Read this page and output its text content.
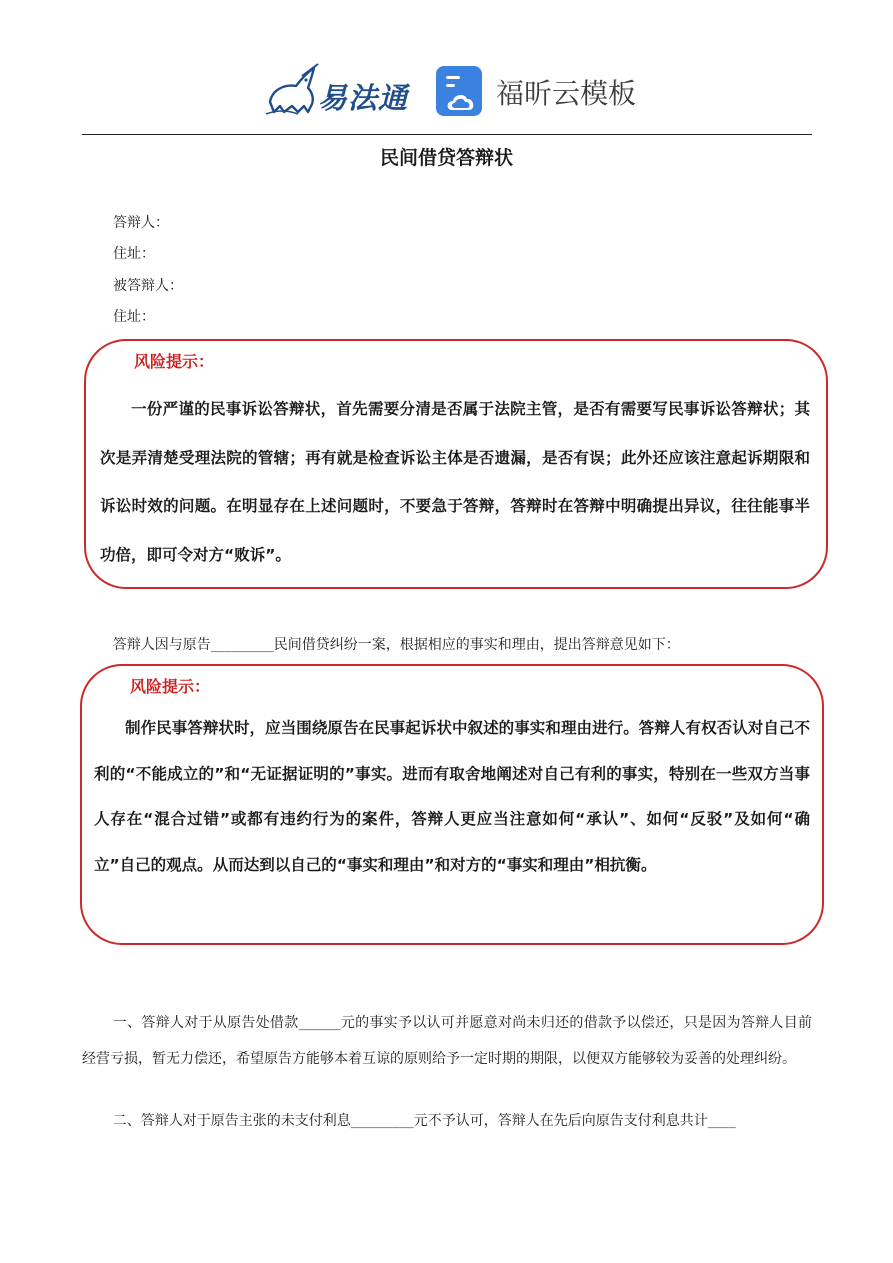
易法通	福昕云模板
民间借贷答辩状
答辩人：
住址：
被答辩人：
住址：
风险提示：
一份严谨的民事诉讼答辩状，首先需要分清是否属于法院主管，是否有需要写民事诉讼答辩状；其次是弄清楚受理法院的管辖；再有就是检查诉讼主体是否遗漏，是否有误；此外还应该注意起诉期限和诉讼时效的问题。在明显存在上述问题时，不要急于答辩，答辩时在答辩中明确提出异议，往往能事半功倍，即可令对方“败诉”。
答辩人因与原告_________民间借贷纠纷一案，根据相应的事实和理由，提出答辩意见如下：
风险提示：
制作民事答辩状时，应当围绕原告在民事起诉状中叙述的事实和理由进行。答辩人有权否认对自己不利的“不能成立的”和“无证据证明的”事实。进而有取舍地阐述对自己有利的事实，特别在一些双方当事人存在“混合过错”或都有违约行为的案件，答辩人更应当注意如何“承认”、如何“反驳”及如何“确立”自己的观点。从而达到以自己的“事实和理由”和对方的“事实和理由”相抗衡。
一、答辩人对于从原告处借款______元的事实予以认可并愿意对尚未归还的借款予以偿还，只是因为答辩人目前经营亏损，暂无力偿还，希望原告方能够本着互谅的原则给予一定时期的期限，以便双方能够较为妥善的处理纠纷。
二、答辩人对于原告主张的未支付利息_________元不予认可，答辩人在先后向原告支付利息共计____
